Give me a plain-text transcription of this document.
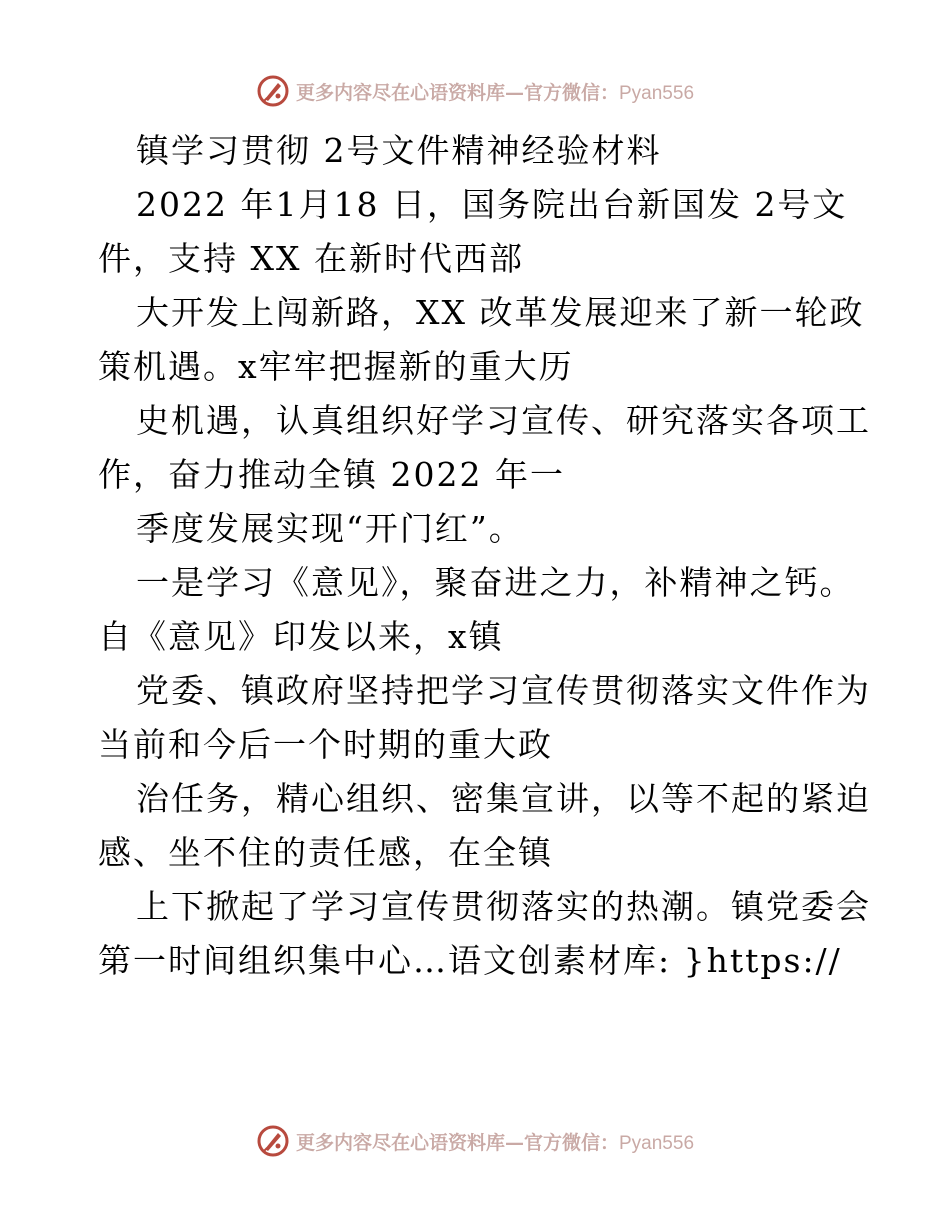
更多内容尽在心语资料库—官方微信：Pyan556
镇学习贯彻 2号文件精神经验材料
2022 年1月18 日，国务院出台新国发 2号文
件，支持 XX 在新时代西部
大开发上闯新路，XX 改革发展迎来了新一轮政
策机遇。x牢牢把握新的重大历
史机遇，认真组织好学习宣传、研究落实各项工
作，奋力推动全镇 2022 年一
季度发展实现“开门红”。
一是学习《意见》，聚奋进之力，补精神之钙。
自《意见》印发以来，x镇
党委、镇政府坚持把学习宣传贯彻落实文件作为
当前和今后一个时期的重大政
治任务，精心组织、密集宣讲，以等不起的紧迫
感、坐不住的责任感，在全镇
上下掀起了学习宣传贯彻落实的热潮。镇党委会
第一时间组织集中心…语文创素材库: }https://
更多内容尽在心语资料库—官方微信：Pyan556
